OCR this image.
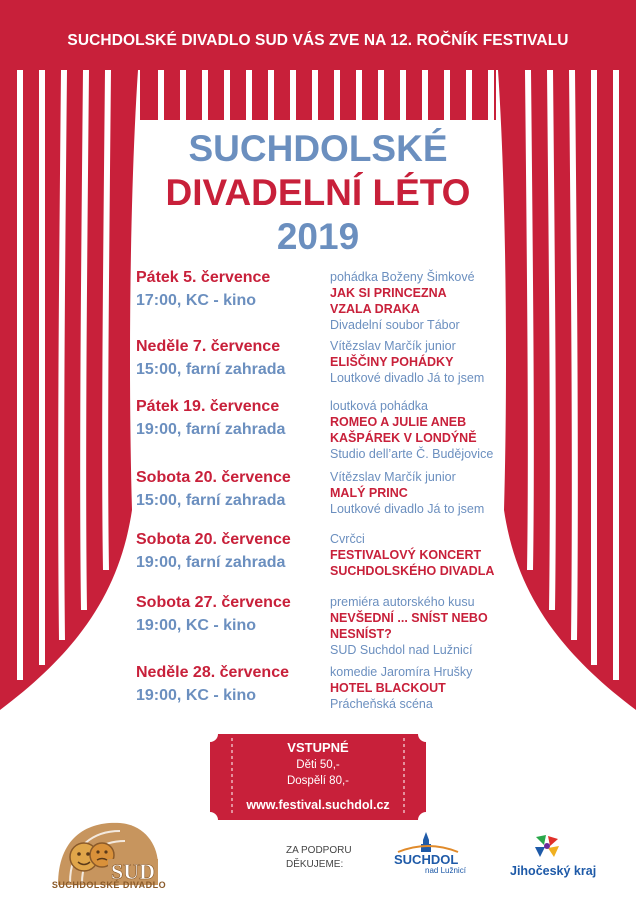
SUCHDOLSKÉ DIVADLO SUD VÁS ZVE NA 12. ROČNÍK FESTIVALU
SUCHDOLSKÉ
DIVADELNÍ LÉTO
2019
Pátek 5. července
17:00, KC - kino
pohádka Boženy Šimkové
JAK SI PRINCEZNA VZALA DRAKA
Divadelní soubor Tábor
Neděle 7. července
15:00, farní zahrada
Vítězslav Marčík junior
ELIŠČINY POHÁDKY
Loutkové divadlo Já to jsem
Pátek 19. července
19:00, farní zahrada
loutková pohádka
ROMEO A JULIE ANEB KAŠPÁREK V LONDÝNĚ
Studio dell’arte Č. Budějovice
Sobota 20. července
15:00, farní zahrada
Vítězslav Marčík junior
MALÝ PRINC
Loutkové divadlo Já to jsem
Sobota 20. července
19:00, farní zahrada
Cvrčci
FESTIVALOVÝ KONCERT SUCHDOLSKÉHO DIVADLA
Sobota 27. července
19:00, KC - kino
premiéra autorského kusu
NEVŠEDNÍ ... SNÍST NEBO NESNÍST?
SUD Suchdol nad Lužnicí
Neděle 28. července
19:00, KC - kino
komedie Jaromíra Hrušky
HOTEL BLACKOUT
Práchеňská scéna
VSTUPNÉ
Děti 50,-
Dospělí 80,-
www.festival.suchdol.cz
SUD
SUCHDOLSKÉ DIVADLO
ZA PODPORU
DĚKUJEME:	SUCHDOL
nad Lužnicí	Jihočeský kraj
